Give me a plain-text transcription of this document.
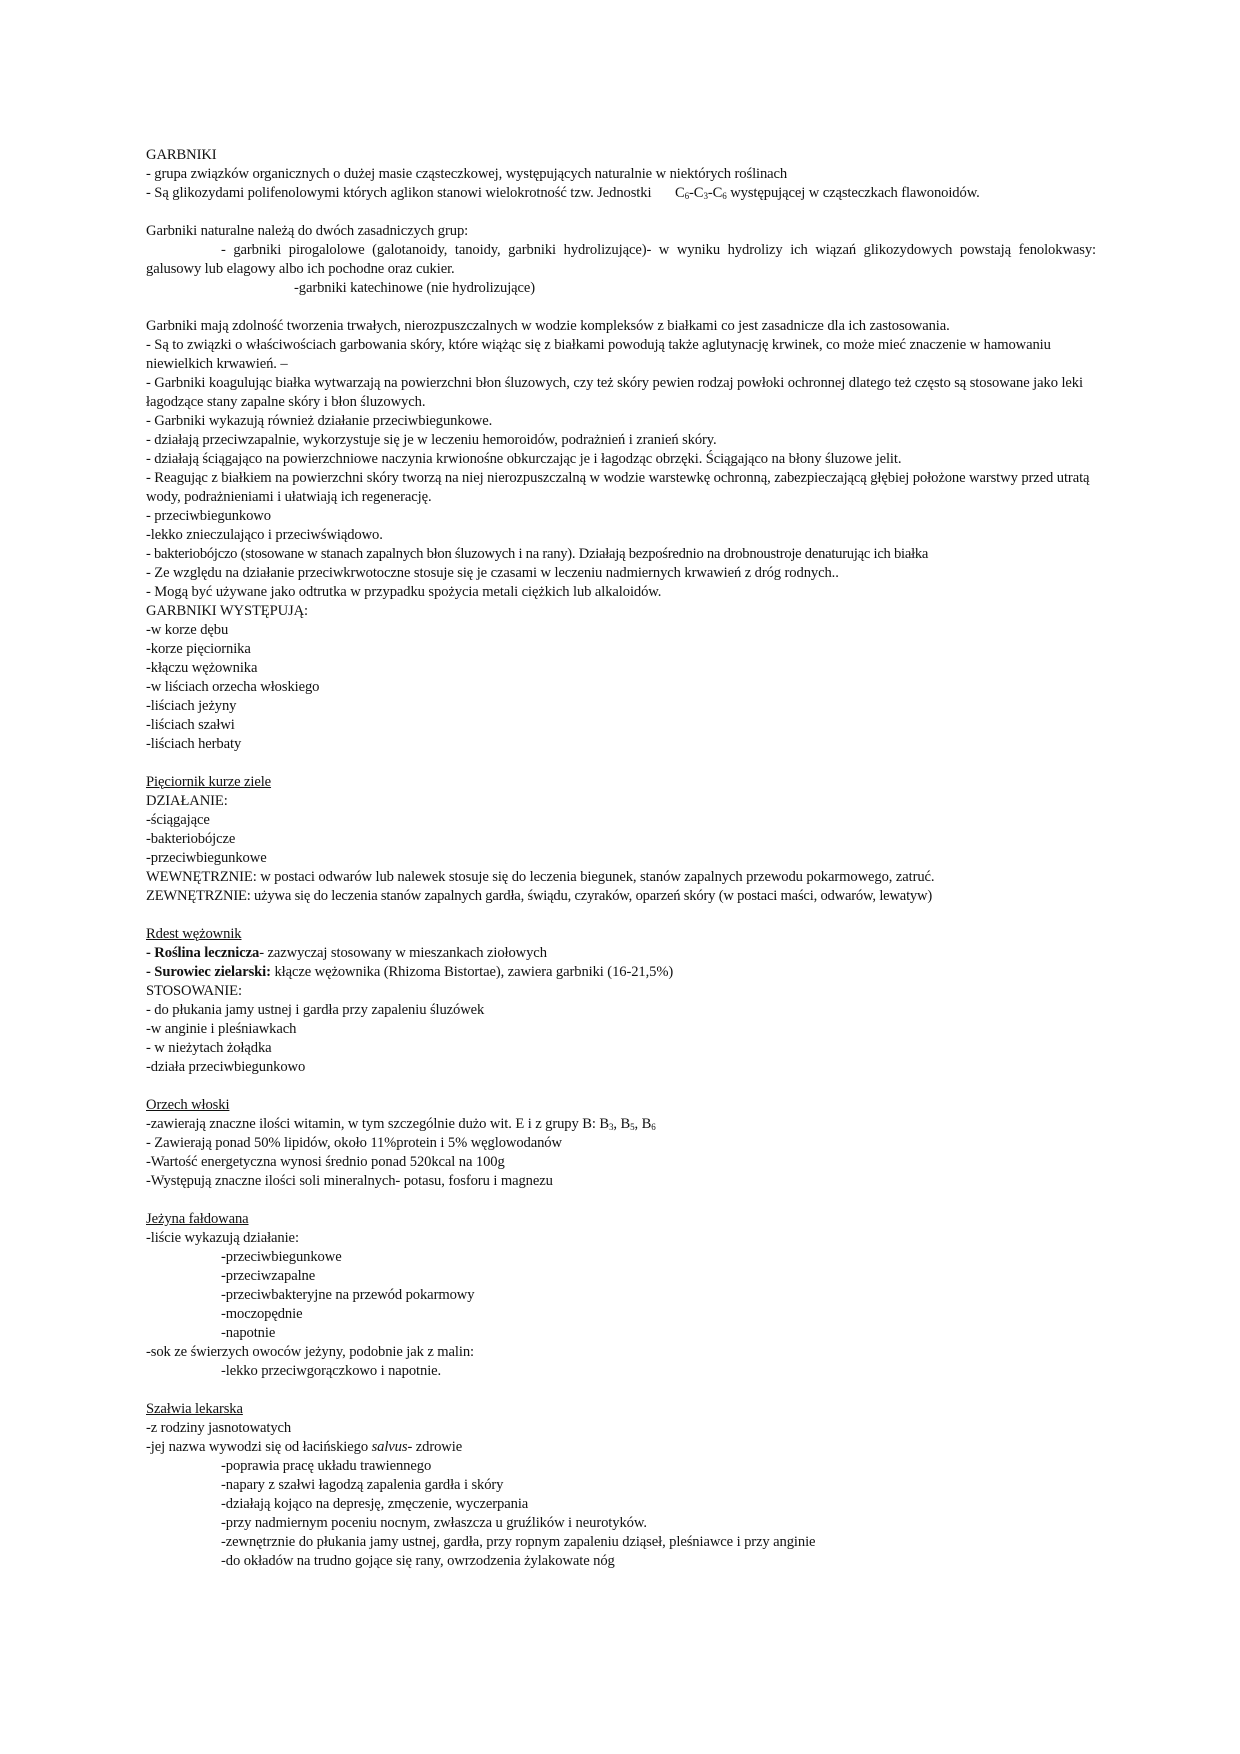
GARBNIKI
- grupa związków organicznych o dużej masie cząsteczkowej, występujących naturalnie w niektórych roślinach
- Są glikozydami polifenolowymi których aglikon stanowi wielokrotność tzw. Jednostki $C_6-C_3-C_6$ występującej w cząsteczkach flawonoidów.
Garbniki naturalne należą do dwóch zasadniczych grup:
- garbniki pirogalolowe (galotanoidy, tanoidy, garbniki hydrolizujące)- w wyniku hydrolizy ich wiązań glikozydowych powstają fenolokwasy: galusowy lub elagowy albo ich pochodne oraz cukier.
-garbniki katechinowe (nie hydrolizujące)
Garbniki mają zdolność tworzenia trwałych, nierozpuszczalnych w wodzie kompleksów z białkami co jest zasadnicze dla ich zastosowania.
- Są to związki o właściwościach garbowania skóry, które wiążąc się z białkami powodują także aglutynację krwinek, co może mieć znaczenie w hamowaniu niewielkich krwawień. –
- Garbniki koagulując białka wytwarzają na powierzchni błon śluzowych, czy też skóry pewien rodzaj powłoki ochronnej dlatego też często są stosowane jako leki łagodzące stany zapalne skóry i błon śluzowych.
- Garbniki wykazują również działanie przeciwbiegunkowe.
- działają przeciwzapalnie, wykorzystuje się je w leczeniu hemoroidów, podrażnień i zranień skóry.
- działają ściągająco na powierzchniowe naczynia krwionośne obkurczając je i łagodząc obrzęki. Ściągająco na błony śluzowe jelit.
- Reagując z białkiem na powierzchni skóry tworzą na niej nierozpuszczalną w wodzie warstewkę ochronną, zabezpieczającą głębiej położone warstwy przed utratą wody, podrażnieniami i ułatwiają ich regenerację.
- przeciwbiegunkowo
-lekko znieczulająco i przeciwświądowo.
- bakteriobójczo (stosowane w stanach zapalnych błon śluzowych i na rany). Działają bezpośrednio na drobnoustroje denaturując ich białka
- Ze względu na działanie przeciwkrwotoczne stosuje się je czasami w leczeniu nadmiernych krwawień z dróg rodnych..
- Mogą być używane jako odtrutka w przypadku spożycia metali ciężkich lub alkaloidów.
GARBNIKI WYSTĘPUJĄ:
-w korze dębu
-korze pięciornika
-kłączu wężownika
-w liściach orzecha włoskiego
-liściach jeżyny
-liściach szałwi
-liściach herbaty
Pięciornik kurze ziele
DZIAŁANIE:
-ściągające
-bakteriobójcze
-przeciwbiegunkowe
WEWNĘTRZNIE: w postaci odwarów lub nalewek stosuje się do leczenia biegunek, stanów zapalnych przewodu pokarmowego, zatruć.
ZEWNĘTRZNIE: używa się do leczenia stanów zapalnych gardła, świądu, czyraków, oparzeń skóry (w postaci maści, odwarów, lewatyw)
Rdest wężownik
- Roślina lecznicza- zazwyczaj stosowany w mieszankach ziołowych
- Surowiec zielarski: kłącze wężownika (Rhizoma Bistortae), zawiera garbniki (16-21,5%)
STOSOWANIE:
- do płukania jamy ustnej i gardła przy zapaleniu śluzówek
-w anginie i pleśniawkach
- w nieżytach żołądka
-działa przeciwbiegunkowo
Orzech włoski
-zawierają znaczne ilości witamin, w tym szczególnie dużo wit. E i z grupy B: $B_3$, $B_5$, $B_6$
- Zawierają ponad 50% lipidów, około 11%protein i 5% węglowodanów
-Wartość energetyczna wynosi średnio ponad 520kcal na 100g
-Występują znaczne ilości soli mineralnych- potasu, fosforu i magnezu
Jeżyna fałdowana
-liście wykazują działanie:
-przeciwbiegunkowe
-przeciwzapalne
-przeciwbakteryjne na przewód pokarmowy
-moczopędnie
-napotnie
-sok ze świerzych owoców jeżyny, podobnie jak z malin:
-lekko przeciwgorączkowo i napotnie.
Szałwia lekarska
-z rodziny jasnotowatych
-jej nazwa wywodzi się od łacińskiego salvus- zdrowie
-poprawia pracę układu trawiennego
-napary z szałwi łagodzą zapalenia gardła i skóry
-działają kojąco na depresję, zmęczenie, wyczerpania
-przy nadmiernym poceniu nocnym, zwłaszcza u gruźlików i neurotyków.
-zewnętrznie do płukania jamy ustnej, gardła, przy ropnym zapaleniu dziąseł, pleśniawce i przy anginie
-do okładów na trudno gojące się rany, owrzodzenia żylakowate nóg
